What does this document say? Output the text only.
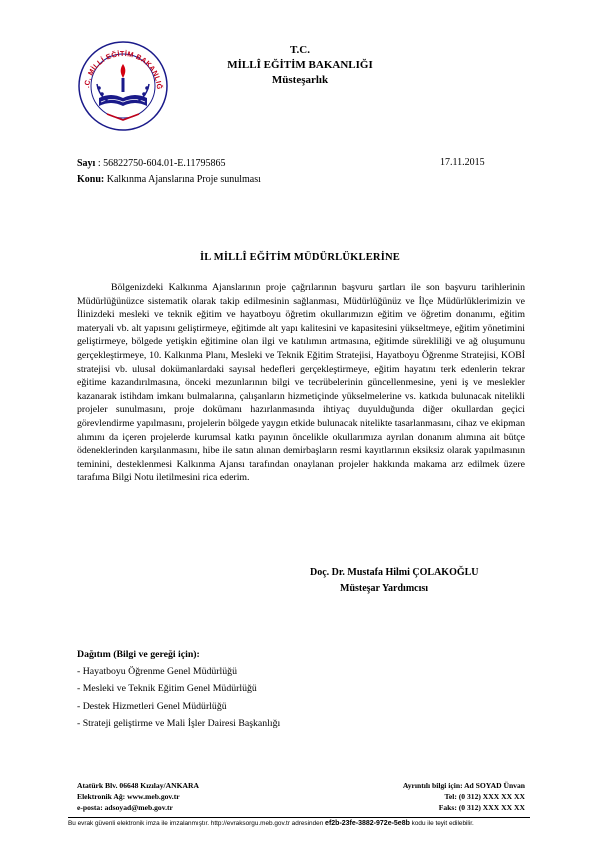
.C. MİLLİ EĞİTİM BAKANLIĞ
T.C.
MİLLÎ EĞİTİM BAKANLIĞI
Müsteşarlık
Sayı : 56822750-604.01-E.11795865	17.11.2015
Konu: Kalkınma Ajanslarına Proje sunulması
İL MİLLÎ EĞİTİM MÜDÜRLÜKLERİNE
Bölgenizdeki Kalkınma Ajanslarının proje çağrılarının başvuru şartları ile son başvuru tarihlerinin Müdürlüğünüzce sistematik olarak takip edilmesinin sağlanması, Müdürlüğünüz ve İlçe Müdürlüklerimizin ve İlinizdeki mesleki ve teknik eğitim ve hayatboyu öğretim okullarımızın eğitim ve öğretim donanımı, eğitim materyali vb. alt yapısını geliştirmeye, eğitimde alt yapı kalitesini ve kapasitesini yükseltmeye, eğitim yönetimini geliştirmeye, bölgede yetişkin eğitimine olan ilgi ve katılımın artmasına, eğitimde sürekliliği ve ağ oluşumunu gerçekleştirmeye, 10. Kalkınma Planı, Mesleki ve Teknik Eğitim Stratejisi, Hayatboyu Öğrenme Stratejisi, KOBİ stratejisi vb. ulusal dokümanlardaki sayısal hedefleri gerçekleştirmeye, eğitim hayatını terk edenlerin tekrar eğitime kazandırılmasına, önceki mezunlarının bilgi ve tecrübelerinin güncellenmesine, yeni iş ve meslekler kazanarak istihdam imkanı bulmalarına, çalışanların hizmetiçinde yükselmelerine vs. katkıda bulunacak nitelikli projeler sunulmasını, proje dokümanı hazırlanmasında ihtiyaç duyulduğunda diğer okullardan geçici görevlendirme yapılmasını, projelerin bölgede yaygın etkide bulunacak nitelikte tasarlanmasını, cihaz ve ekipman alımını da içeren projelerde kurumsal katkı payının öncelikle okullarımıza ayrılan donanım alımına ait bütçe ödeneklerinden karşılanmasını, hibe ile satın alınan demirbaşların resmi kayıtlarının eksiksiz olarak yapılmasının teminini, desteklenmesi Kalkınma Ajansı tarafından onaylanan projeler hakkında makama arz edilmek üzere tarafıma Bilgi Notu iletilmesini rica ederim.
Doç. Dr. Mustafa Hilmi ÇOLAKOĞLU
Müsteşar Yardımcısı
Dağıtım (Bilgi ve gereği için):
- Hayatboyu Öğrenme Genel Müdürlüğü
- Mesleki ve Teknik Eğitim Genel Müdürlüğü
- Destek Hizmetleri Genel Müdürlüğü
- Strateji geliştirme ve Mali İşler Dairesi Başkanlığı
Atatürk Blv. 06648 Kızılay/ANKARA
Elektronik Ağ: www.meb.gov.tr
e-posta: adsoyad@meb.gov.tr
Ayrıntılı bilgi için: Ad SOYAD Ünvan
Tel: (0 312) XXX XX XX
Faks: (0 312) XXX XX XX
Bu evrak güvenli elektronik imza ile imzalanmıştır. http://evraksorgu.meb.gov.tr adresinden ef2b-23fe-3882-972e-5e8b kodu ile teyit edilebilir.
